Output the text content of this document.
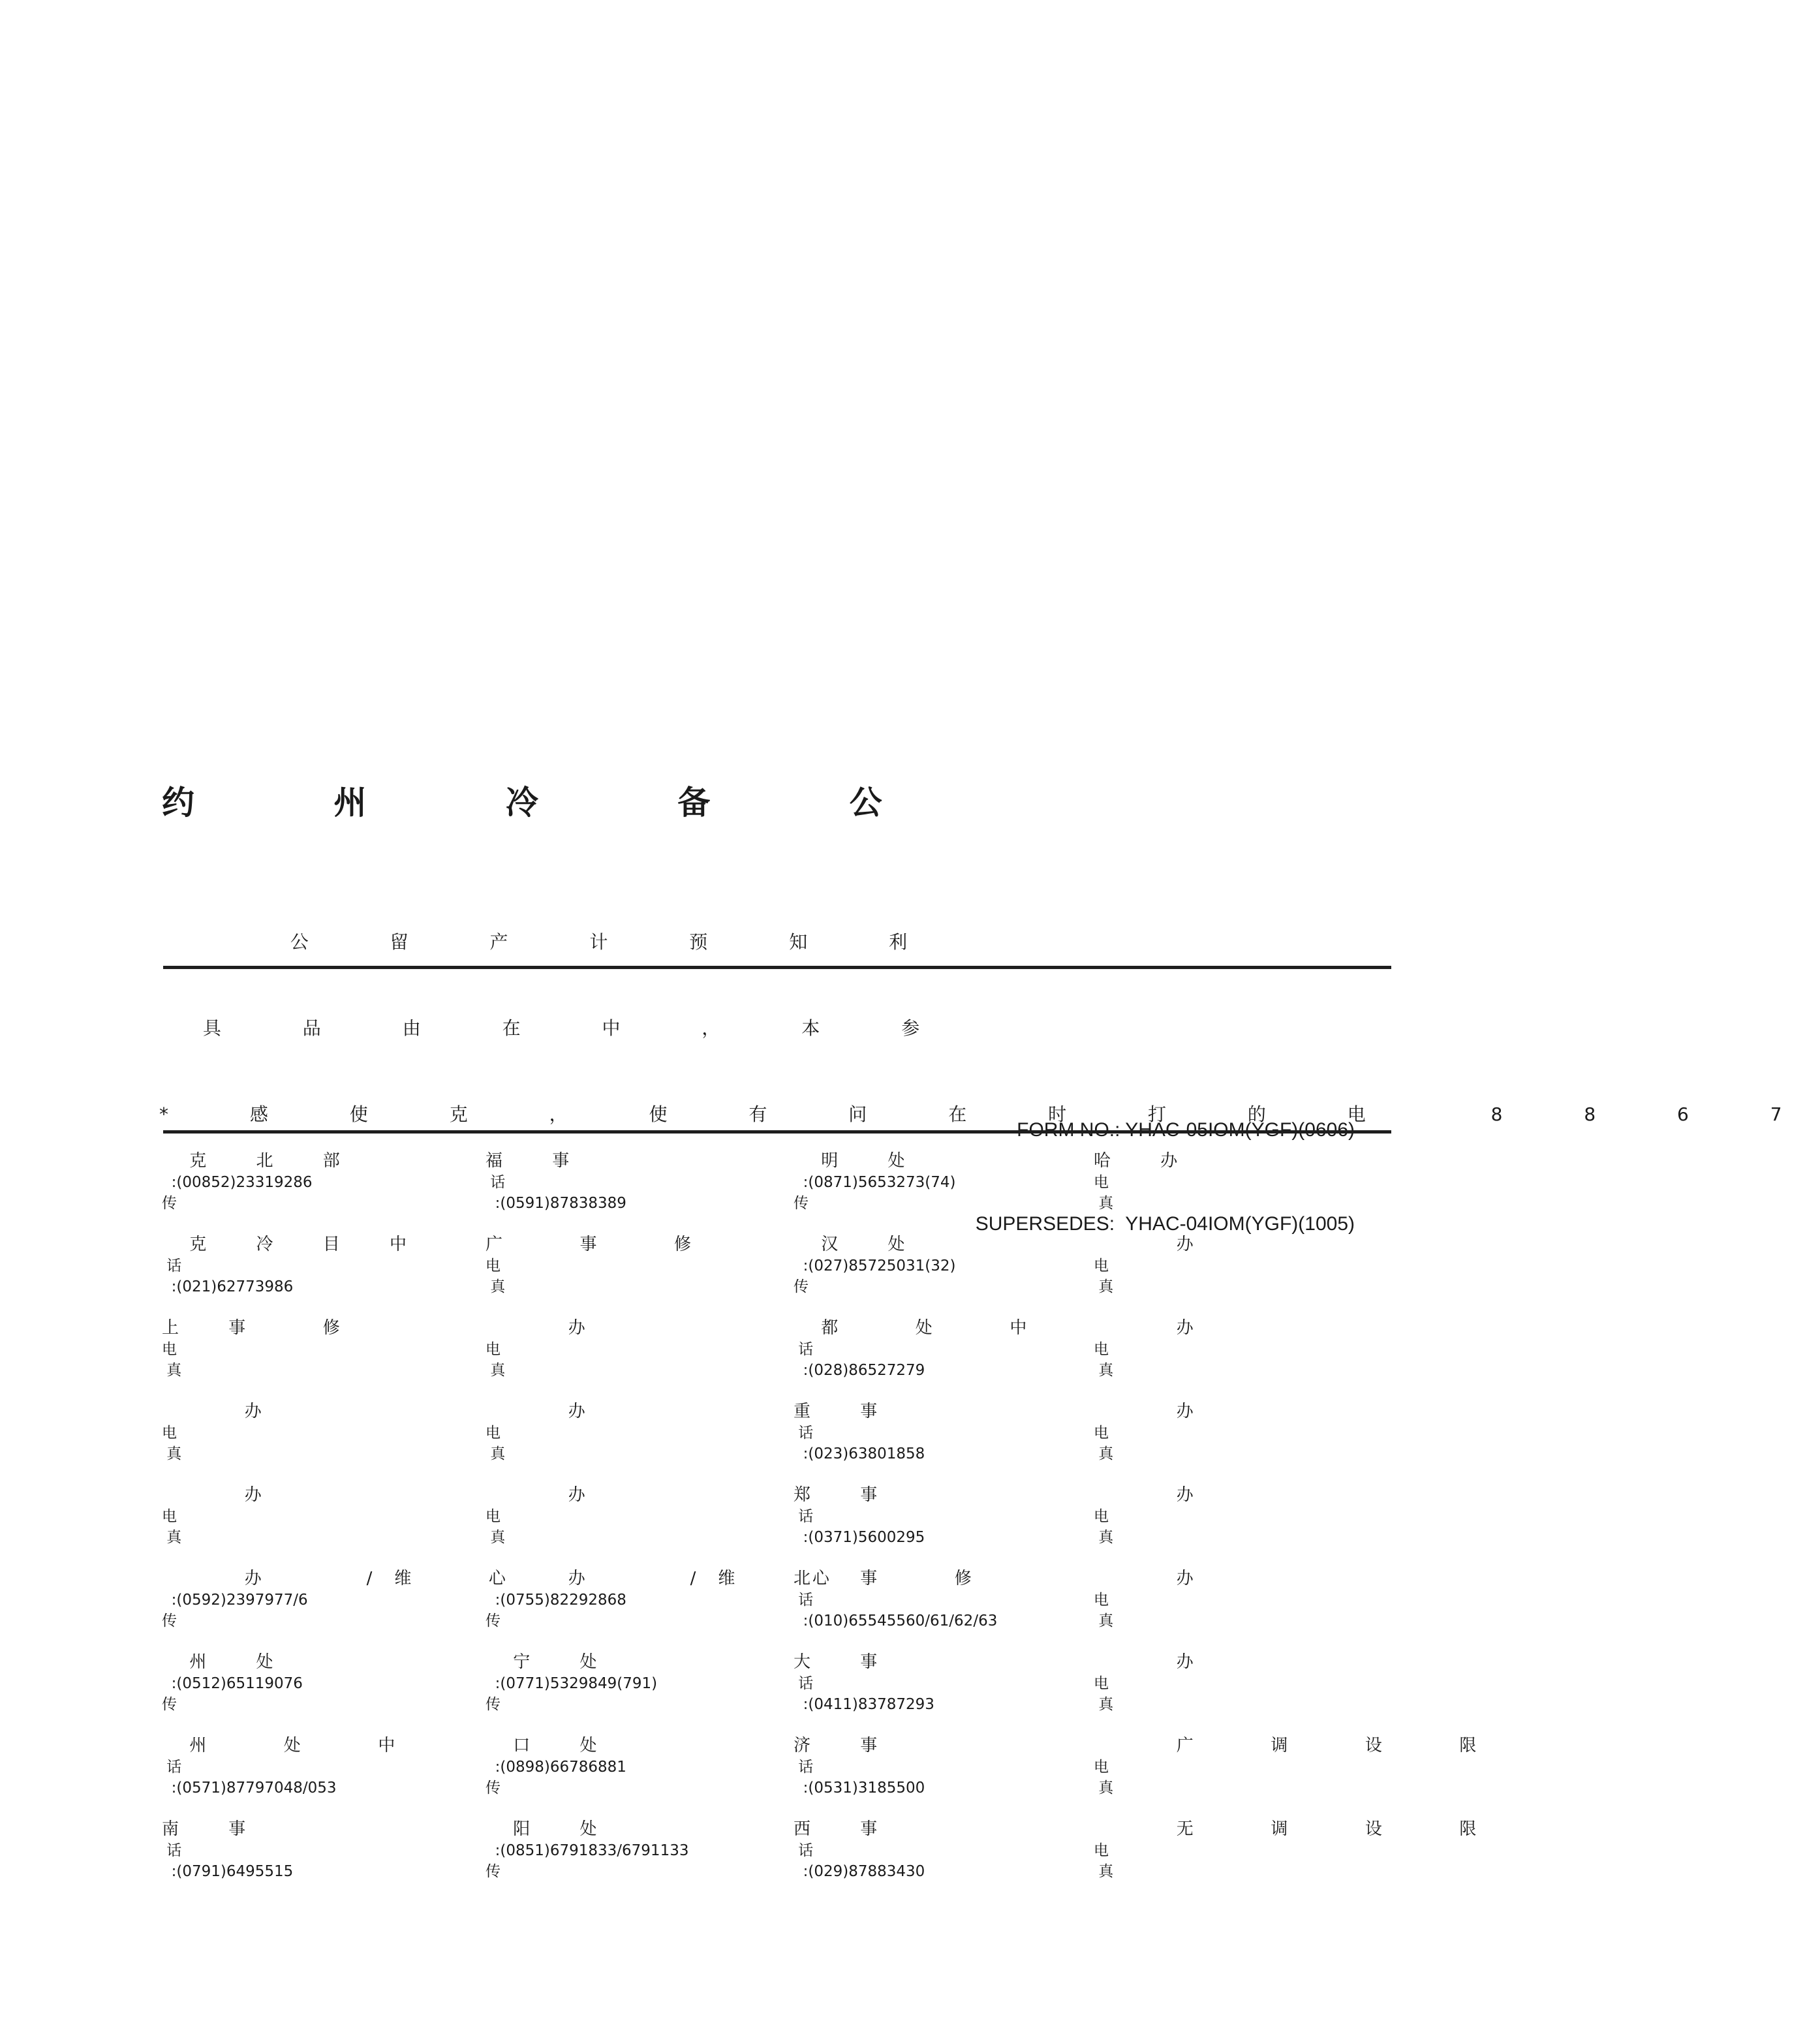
约 州 冷 备 公

公 留 产 计 预 知 利

具 品 由 在 中 ， 本 参

* 感 使 克 ， 使 有 问 在 时 打 的 电  8 8 6 7

SUPERSEDES:  YHAC-04IOM(YGF)(1005)

克 北 部
:(00852)23319286
传
克 冷 目 中
话
:(021)62773986
上 事  修
电
真
办
电
真
办
电
真
办   /维  心
:(0592)2397977/6
传
州 处
:(0512)65119076
传
州  处  中
话
:(0571)87797048/053
南 事
话
:(0791)6495515
福 事
话
:(0591)87838389
广  事  修
电
真
办
电
真
办
电
真
办
电
真
办   /维  心
:(0755)82292868
传
宁 处
:(0771)5329849(791)
传
口 处
:(0898)66786881
传
阳 处
:(0851)6791833/6791133
传
明 处
:(0871)5653273(74)
传
汉 处
:(027)85725031(32)
传
都  处  中
话
:(028)86527279
重 事
话
:(023)63801858
郑 事
话
:(0371)5600295
北 事  修
话
:(010)65545560/61/62/63
大 事
话
:(0411)83787293
济 事
话
:(0531)3185500
西 事
话
:(029)87883430
哈 办
电
真
办
电
真
办
电
真
办
电
真
办
电
真
办
电
真
办
电
真
广  调  设  限
电
真
无  调  设  限
电
真
